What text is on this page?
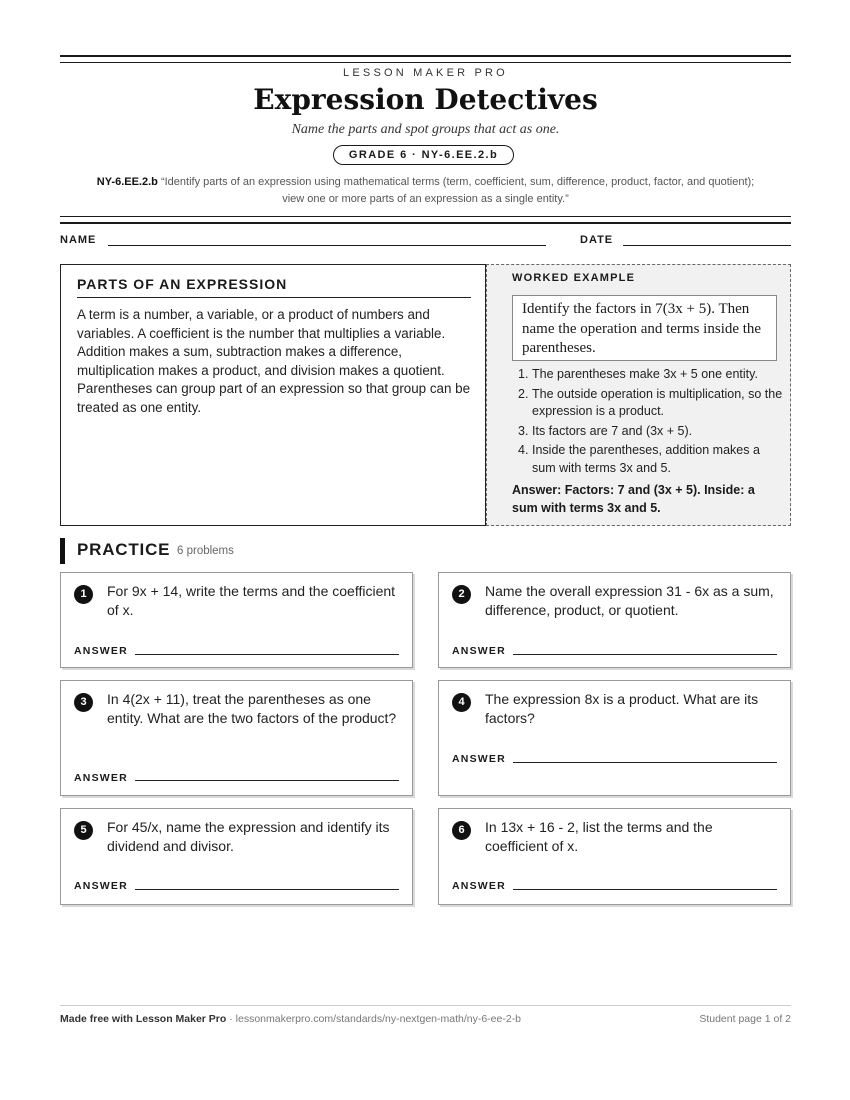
LESSON MAKER PRO
Expression Detectives
Name the parts and spot groups that act as one.
GRADE 6 · NY-6.EE.2.b
NY-6.EE.2.b “Identify parts of an expression using mathematical terms (term, coefficient, sum, difference, product, factor, and quotient);
view one or more parts of an expression as a single entity.”
NAME	DATE
PARTS OF AN EXPRESSION
A term is a number, a variable, or a product of numbers and variables. A coefficient is the number that multiplies a variable. Addition makes a sum, subtraction makes a difference, multiplication makes a product, and division makes a quotient. Parentheses can group part of an expression so that group can be treated as one entity.
WORKED EXAMPLE
Identify the factors in 7(3x + 5). Then name the operation and terms inside the parentheses.
1. The parentheses make 3x + 5 one entity.
2. The outside operation is multiplication, so the expression is a product.
3. Its factors are 7 and (3x + 5).
4. Inside the parentheses, addition makes a sum with terms 3x and 5.
Answer: Factors: 7 and (3x + 5). Inside: a sum with terms 3x and 5.
PRACTICE 6 problems
1	For 9x + 14, write the terms and the coefficient of x.
ANSWER
2	Name the overall expression 31 - 6x as a sum, difference, product, or quotient.
ANSWER
3	In 4(2x + 11), treat the parentheses as one entity. What are the two factors of the product?
ANSWER
4	The expression 8x is a product. What are its factors?
ANSWER
5	For 45/x, name the expression and identify its dividend and divisor.
ANSWER
6	In 13x + 16 - 2, list the terms and the coefficient of x.
ANSWER
Made free with Lesson Maker Pro · lessonmakerpro.com/standards/ny-nextgen-math/ny-6-ee-2-b	Student page 1 of 2
